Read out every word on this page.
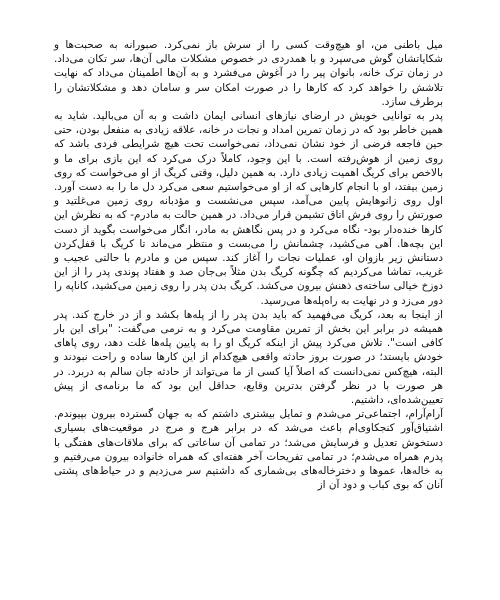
میل باطنی من، او هیچ‌وقت کسی را از سرش باز نمی‌کرد. صبورانه به صحبت‌ها و شکایاتشان گوش می‌سپرد و با همدردی در خصوص مشکلات مالی آن‌ها، سر تکان می‌داد. در زمان ترک خانه، بانوان پیر را در آغوش می‌فشرد و به آن‌ها اطمینان می‌داد که نهایت تلاشش را خواهد کرد که کارها را در صورت امکان سر و سامان دهد و مشکلاتشان را برطرف سازد.

پدر به توانایی خویش در ارضای نیازهای انسانی ایمان داشت و به آن می‌بالید. شاید به همین خاطر بود که در زمان تمرین امداد و نجات در خانه، علاقه زیادی به منفعل بودن، حتی حین فاجعه فرضی از خود نشان نمی‌داد، نمی‌خواست تحت هیچ شرایطی فردی باشد که روی زمین از هوش‌رفته است. با این وجود، کاملاً درک می‌کرد که این بازی برای ما و بالاخص برای کریگ اهمیت زیادی دارد. به همین دلیل، وقتی کریگ از او می‌خواست که روی زمین بیفتد، او با انجام کارهایی که از او می‌خواستیم سعی می‌کرد دل ما را به دست آورد. اول روی زانوهایش پایین می‌آمد، سپس می‌نشست و مؤدبانه روی زمین می‌غلتید و صورتش را روی فرش اتاق تشیمن قرار می‌داد. در همین حالت به مادرم- که به نظرش این کارها خنده‌دار بود- نگاه می‌کرد و در پس نگاهش به مادر، انگار می‌خواست بگوید از دست این بچه‌ها. آهی می‌کشید، چشمانش را می‌بست و منتظر می‌ماند تا کریگ با قفل‌کردن دستانش زیر بازوان او، عملیات نجات را آغاز کند. سپس من و مادرم با حالتی عجیب و غریب، تماشا می‌کردیم که چگونه کریگ بدن مثلاً بی‌جان صد و هفتاد پوندی پدر را از این دوزخ خیالی ساخته‌ی ذهنش بیرون می‌کشد. کریگ بدن پدر را روی زمین می‌کشید، کاناپه را دور می‌زد و در نهایت به راه‌پله‌ها می‌رسید.

از اینجا به بعد، کریگ می‌فهمید که باید بدن پدر را از پله‌ها بکشد و از در خارج کند. پدر همیشه در برابر این بخش از تمرین مقاومت می‌کرد و به نرمی می‌گفت: "برای این بار کافی است". تلاش می‌کرد پیش از اینکه کریگ او را به پایین پله‌ها غلت دهد، روی پاهای خودش بایستد؛ در صورت بروز حادثه واقعی هیچ‌کدام از این کارها ساده و راحت نبودند و البته، هیچ‌کس نمی‌دانست که اصلاً آیا کسی از ما می‌تواند از حادثه جان سالم به دربرد. در هر صورت با در نظر گرفتن بدترین وقایع، حداقل این بود که ما برنامه‌ی از پیش تعیین‌شده‌ای، داشتیم.

آرام‌آرام، اجتماعی‌تر می‌شدم و تمایل بیشتری داشتم که به جهان گسترده بیرون بپیوندم. اشتیاق‌آور کنجکاوی‌ام باعث می‌شد که در برابر هرج و مرج در موقعیت‌های بسیاری دستخوش تعدیل و فرسایش می‌شد؛ در تمامی آن ساعاتی که برای ملاقات‌های هفتگی با پدرم همراه می‌شدم؛ در تمامی تفریحات آخر هفته‌ای که همراه خانواده بیرون می‌رفتیم و به خاله‌ها، عموها و دخترخاله‌های بی‌شماری که داشتیم سر می‌زدیم و در حیاط‌های پشتی آنان که بوی کباب و دود آن از
